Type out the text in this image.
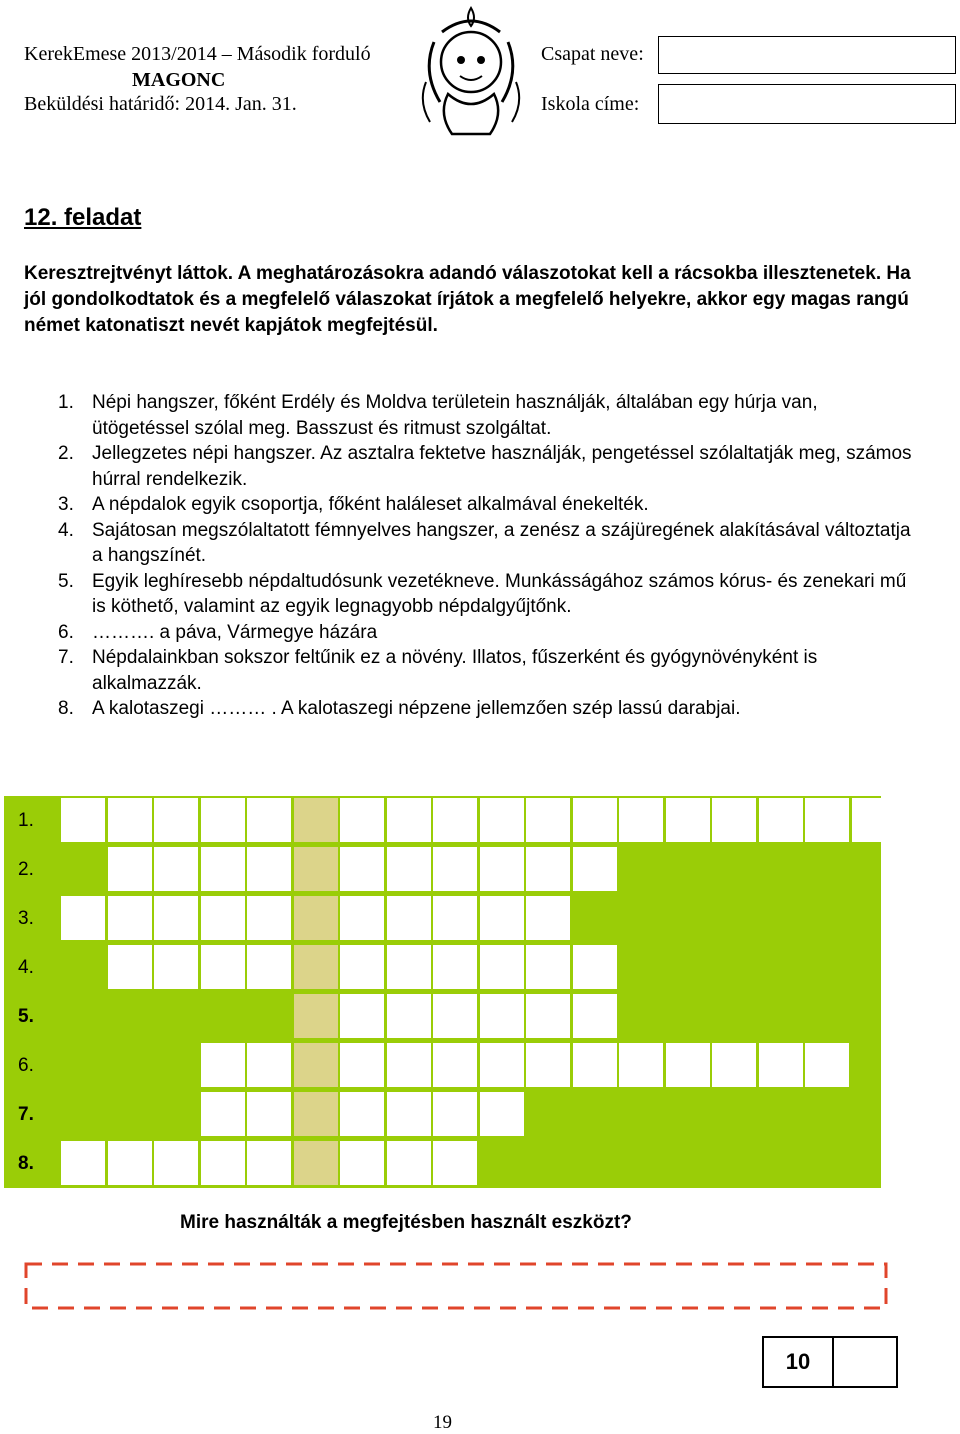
KerekEmese 2013/2014 – Második forduló
MAGONC
Beküldési határidő: 2014. Jan. 31.
Csapat neve:
Iskola címe:
12. feladat
Keresztrejtvényt láttok. A meghatározásokra adandó válaszotokat kell a rácsokba illesztenetek. Ha jól gondolkodtatok és a megfelelő válaszokat írjátok a megfelelő helyekre, akkor egy magas rangú német katonatiszt nevét kapjátok megfejtésül.
1. Népi hangszer, főként Erdély és Moldva területein használják, általában egy húrja van, ütögetéssel szólal meg. Basszust és ritmust szolgáltat.
2. Jellegzetes népi hangszer. Az asztalra fektetve használják, pengetéssel szólaltatják meg, számos húrral rendelkezik.
3. A népdalok egyik csoportja, főként haláleset alkalmával énekelték.
4. Sajátosan megszólaltatott fémnyelves hangszer, a zenész a szájüregének alakításával változtatja a hangszínét.
5. Egyik leghíresebb népdaltudósunk vezetékneve. Munkásságához számos kórus- és zenekari mű is köthető, valamint az egyik legnagyobb népdalgyűjtőnk.
6. ………. a páva, Vármegye házára
7. Népdalainkban sokszor feltűnik ez a növény. Illatos, fűszerként és gyógynövényként is alkalmazzák.
8. A kalotaszegi ……… . A kalotaszegi népzene jellemzően szép lassú darabjai.
1.
2.
3.
4.
5.
6.
7.
8.
Mire használták a megfejtésben használt eszközt?
10
19
